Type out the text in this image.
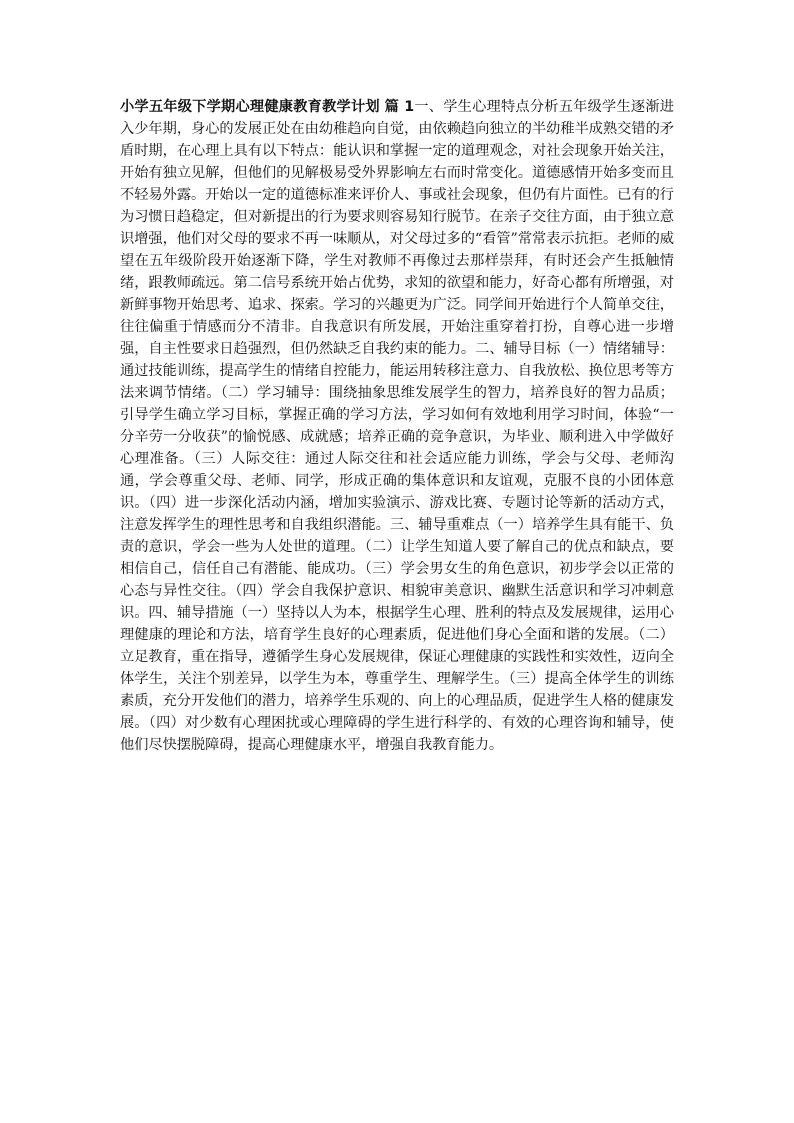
小学五年级下学期心理健康教育教学计划 篇 1一、学生心理特点分析五年级学生逐渐进入少年期，身心的发展正处在由幼稚趋向自觉，由依赖趋向独立的半幼稚半成熟交错的矛盾时期，在心理上具有以下特点：能认识和掌握一定的道理观念，对社会现象开始关注，开始有独立见解，但他们的见解极易受外界影响左右而时常变化。道德感情开始多变而且不轻易外露。开始以一定的道德标准来评价人、事或社会现象，但仍有片面性。已有的行为习惯日趋稳定，但对新提出的行为要求则容易知行脱节。在亲子交往方面，由于独立意识增强，他们对父母的要求不再一味顺从，对父母过多的“看管”常常表示抗拒。老师的威望在五年级阶段开始逐渐下降，学生对教师不再像过去那样崇拜，有时还会产生抵触情绪，跟教师疏远。第二信号系统开始占优势，求知的欲望和能力，好奇心都有所增强，对新鲜事物开始思考、追求、探索。学习的兴趣更为广泛。同学间开始进行个人简单交往，往往偏重于情感而分不清非。自我意识有所发展，开始注重穿着打扮，自尊心进一步增强，自主性要求日趋强烈，但仍然缺乏自我约束的能力。二、辅导目标（一）情绪辅导：通过技能训练，提高学生的情绪自控能力，能运用转移注意力、自我放松、换位思考等方法来调节情绪。（二）学习辅导：围绕抽象思维发展学生的智力，培养良好的智力品质；引导学生确立学习目标，掌握正确的学习方法，学习如何有效地利用学习时间，体验“一分辛劳一分收获”的愉悦感、成就感；培养正确的竞争意识，为毕业、顺利进入中学做好心理准备。（三）人际交往：通过人际交往和社会适应能力训练，学会与父母、老师沟通，学会尊重父母、老师、同学，形成正确的集体意识和友谊观，克服不良的小团体意识。（四）进一步深化活动内涵，增加实验演示、游戏比赛、专题讨论等新的活动方式，注意发挥学生的理性思考和自我组织潜能。三、辅导重难点（一）培养学生具有能干、负责的意识，学会一些为人处世的道理。（二）让学生知道人要了解自己的优点和缺点，要相信自己，信任自己有潜能、能成功。（三）学会男女生的角色意识，初步学会以正常的心态与异性交往。（四）学会自我保护意识、相貌审美意识、幽默生活意识和学习冲刺意识。四、辅导措施（一）坚持以人为本，根据学生心理、胜利的特点及发展规律，运用心理健康的理论和方法，培育学生良好的心理素质，促进他们身心全面和谐的发展。（二）立足教育，重在指导，遵循学生身心发展规律，保证心理健康的实践性和实效性，迈向全体学生，关注个别差异，以学生为本，尊重学生、理解学生。（三）提高全体学生的训练素质，充分开发他们的潜力，培养学生乐观的、向上的心理品质，促进学生人格的健康发展。（四）对少数有心理困扰或心理障碍的学生进行科学的、有效的心理咨询和辅导，使他们尽快摆脱障碍，提高心理健康水平，增强自我教育能力。
